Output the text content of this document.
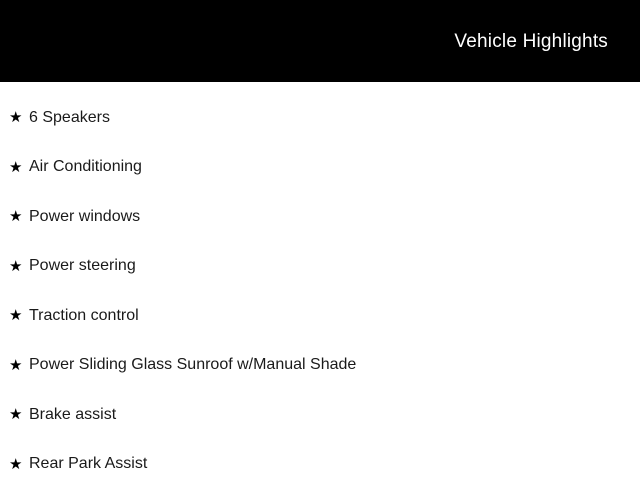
Vehicle Highlights
★ 6 Speakers
★ Air Conditioning
★ Power windows
★ Power steering
★ Traction control
★ Power Sliding Glass Sunroof w/Manual Shade
★ Brake assist
★ Rear Park Assist
